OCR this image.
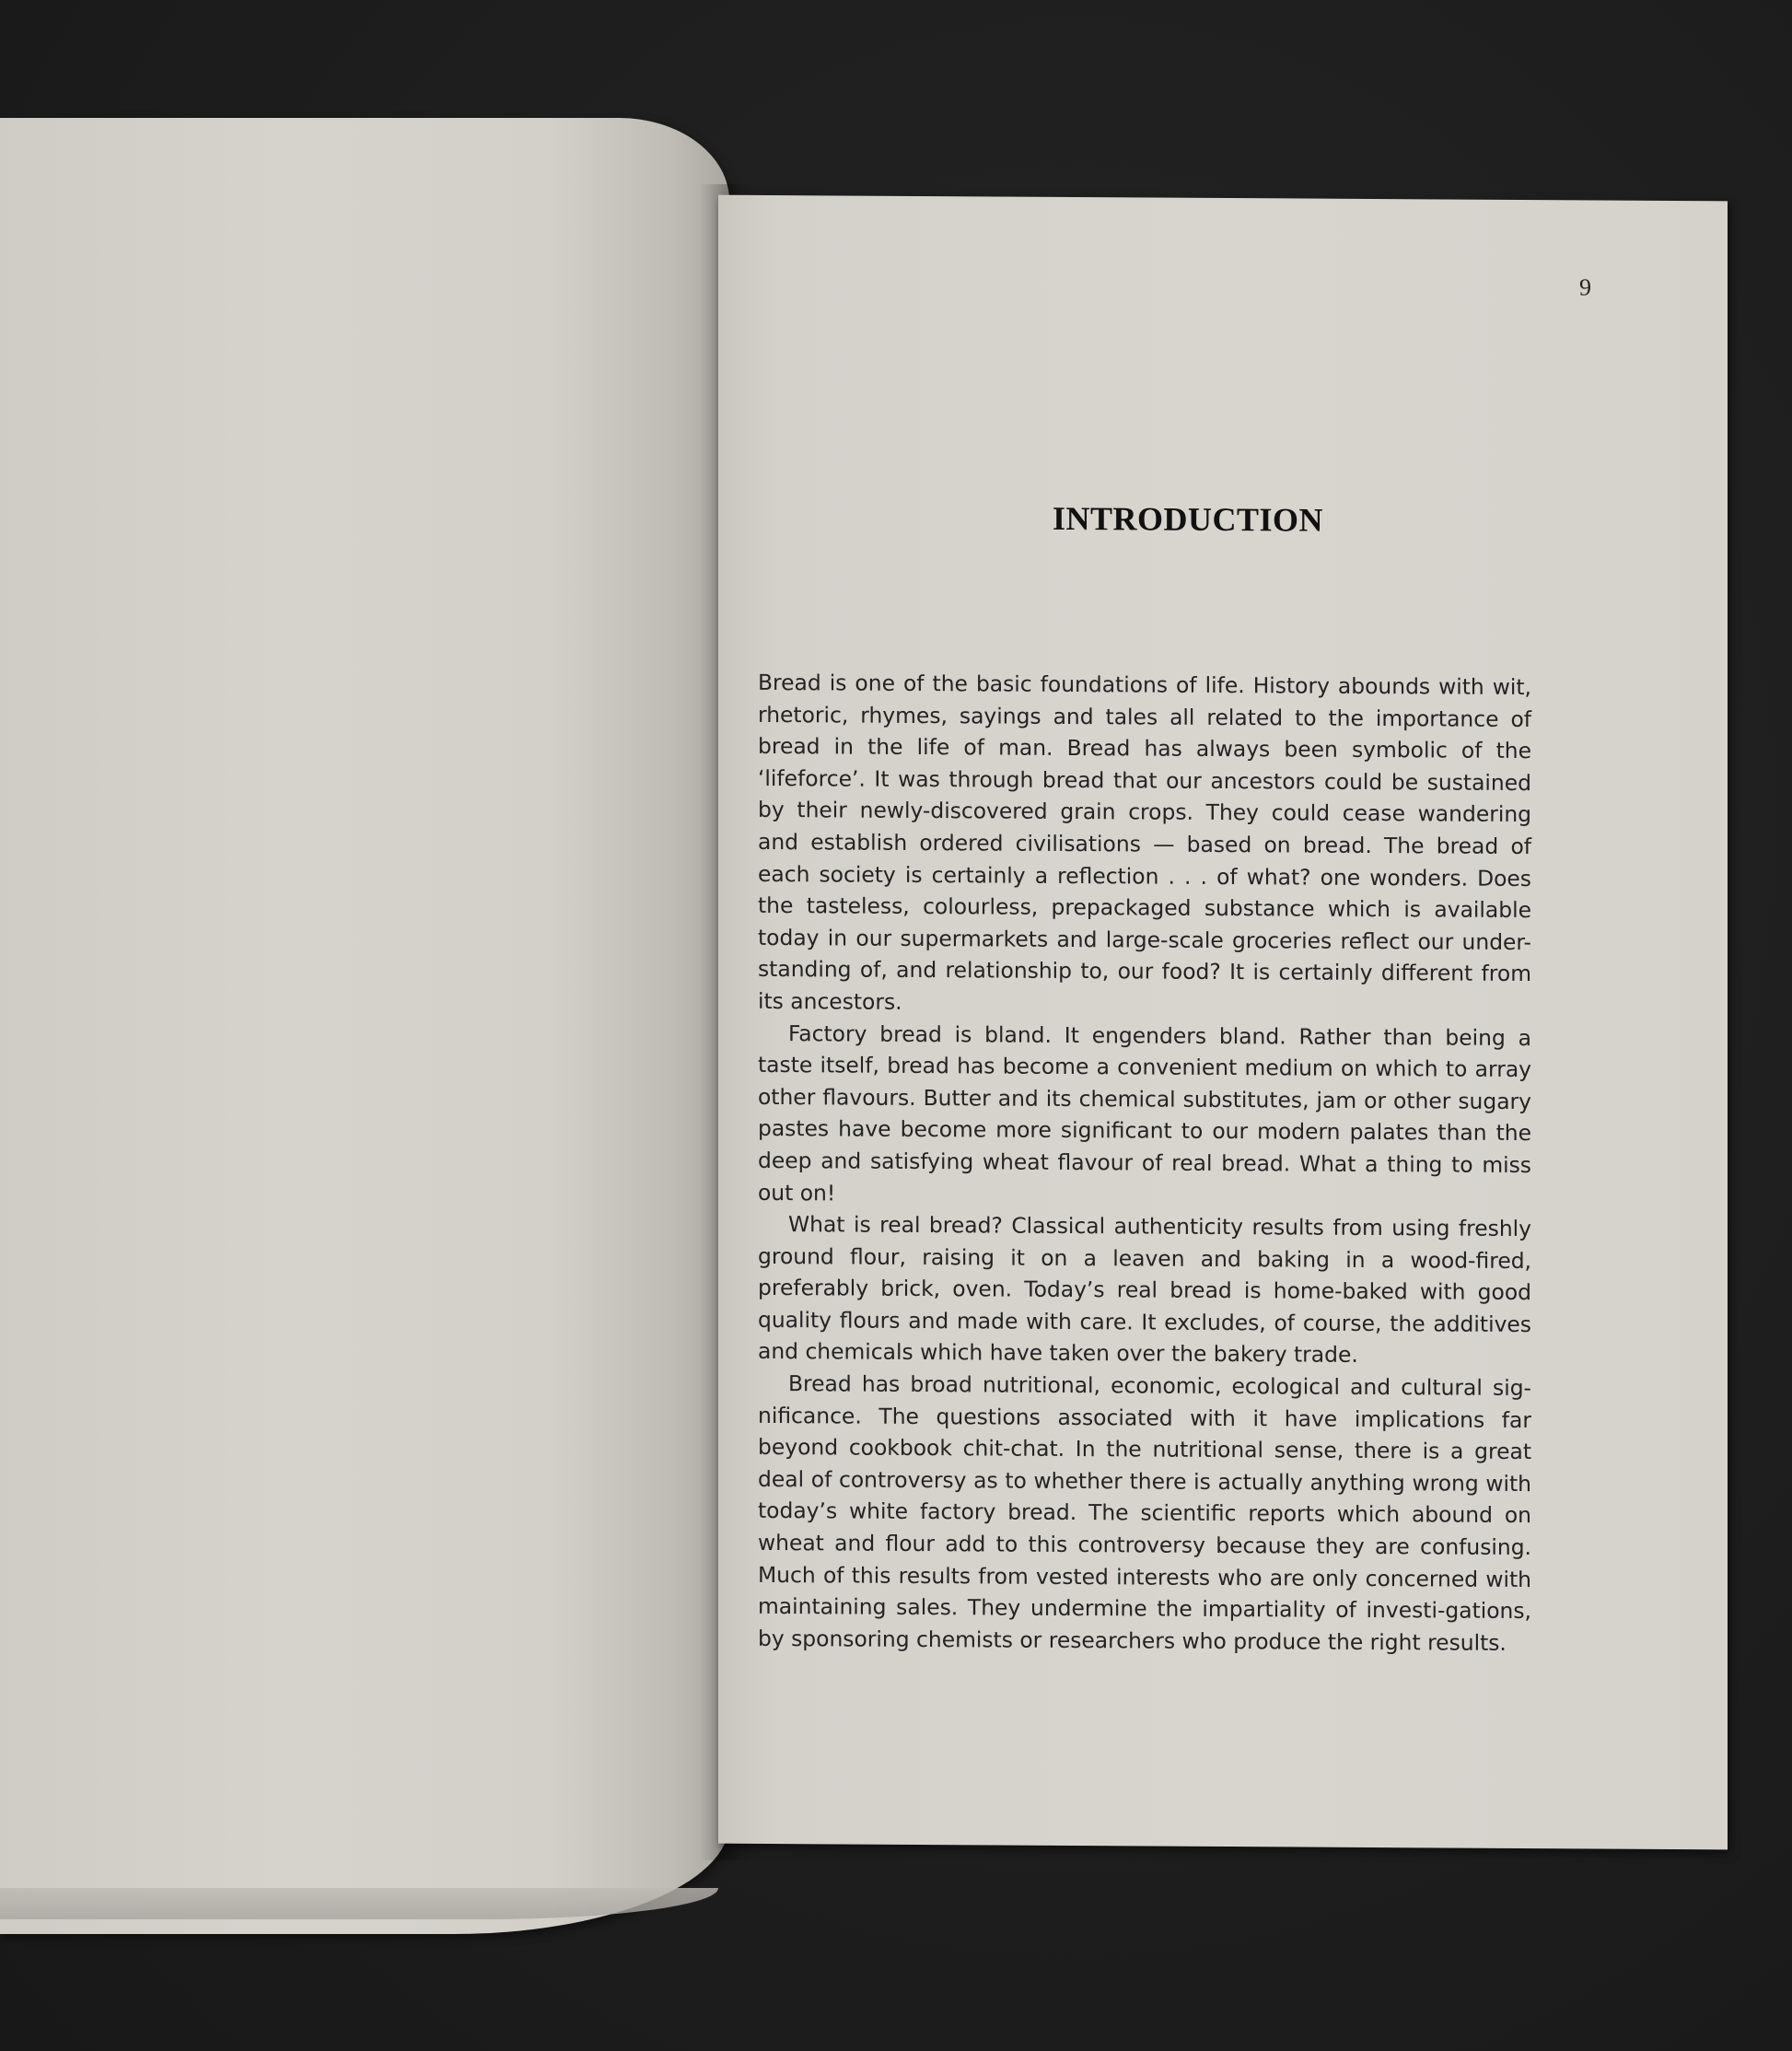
9
INTRODUCTION

Bread is one of the basic foundations of life. History abounds with wit, rhetoric, rhymes, sayings and tales all related to the importance of bread in the life of man. Bread has always been symbolic of the ‘lifeforce’. It was through bread that our ancestors could be sustained by their newly-discovered grain crops. They could cease wandering and establish ordered civilisations — based on bread. The bread of each society is certainly a reflection . . . of what? one wonders. Does the tasteless, colourless, prepackaged substance which is available today in our supermarkets and large-scale groceries reflect our under-standing of, and relationship to, our food? It is certainly different from its ancestors.

Factory bread is bland. It engenders bland. Rather than being a taste itself, bread has become a convenient medium on which to array other flavours. Butter and its chemical substitutes, jam or other sugary pastes have become more significant to our modern palates than the deep and satisfying wheat flavour of real bread. What a thing to miss out on!

What is real bread? Classical authenticity results from using freshly ground flour, raising it on a leaven and baking in a wood-fired, preferably brick, oven. Today’s real bread is home-baked with good quality flours and made with care. It excludes, of course, the additives and chemicals which have taken over the bakery trade.

Bread has broad nutritional, economic, ecological and cultural sig-nificance. The questions associated with it have implications far beyond cookbook chit-chat. In the nutritional sense, there is a great deal of controversy as to whether there is actually anything wrong with today’s white factory bread. The scientific reports which abound on wheat and flour add to this controversy because they are confusing. Much of this results from vested interests who are only concerned with maintaining sales. They undermine the impartiality of investi-gations, by sponsoring chemists or researchers who produce the right results.
